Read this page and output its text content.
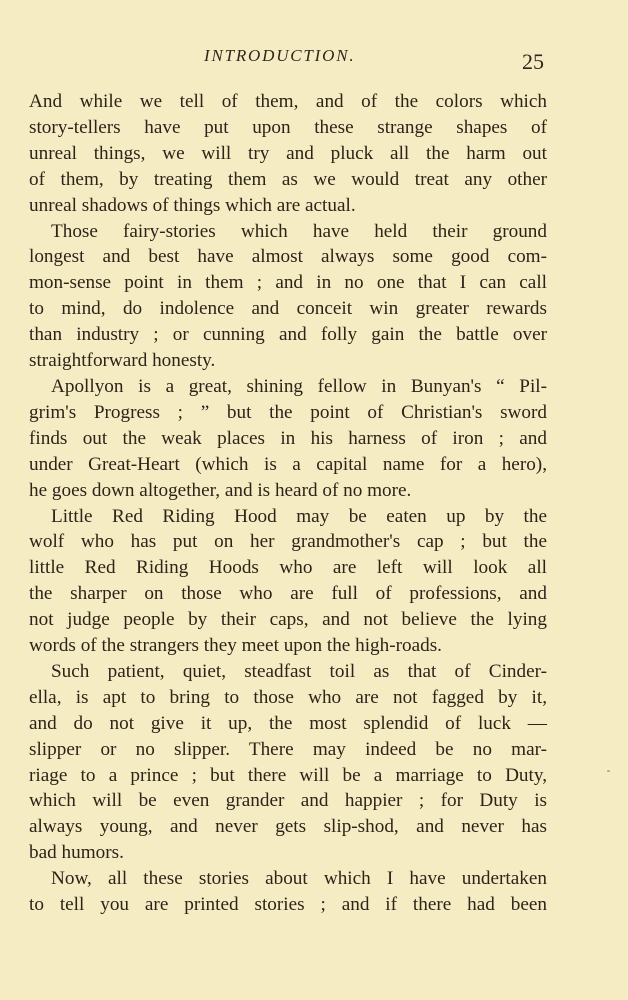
INTRODUCTION.	25
And while we tell of them, and of the colors which
story-tellers have put upon these strange shapes of
unreal things, we will try and pluck all the harm out
of them, by treating them as we would treat any other
unreal shadows of things which are actual.
Those fairy-stories which have held their ground
longest and best have almost always some good com-
mon-sense point in them ; and in no one that I can call
to mind, do indolence and conceit win greater rewards
than industry ; or cunning and folly gain the battle over
straightforward honesty.
Apollyon is a great, shining fellow in Bunyan's “ Pil-
grim's Progress ; ” but the point of Christian's sword
finds out the weak places in his harness of iron ; and
under Great-Heart (which is a capital name for a hero),
he goes down altogether, and is heard of no more.
Little Red Riding Hood may be eaten up by the
wolf who has put on her grandmother's cap ; but the
little Red Riding Hoods who are left will look all
the sharper on those who are full of professions, and
not judge people by their caps, and not believe the lying
words of the strangers they meet upon the high-roads.
Such patient, quiet, steadfast toil as that of Cinder-
ella, is apt to bring to those who are not fagged by it,
and do not give it up, the most splendid of luck —
slipper or no slipper. There may indeed be no mar-
riage to a prince ; but there will be a marriage to Duty,
which will be even grander and happier ; for Duty is
always young, and never gets slip-shod, and never has
bad humors.
Now, all these stories about which I have undertaken
to tell you are printed stories ; and if there had been
